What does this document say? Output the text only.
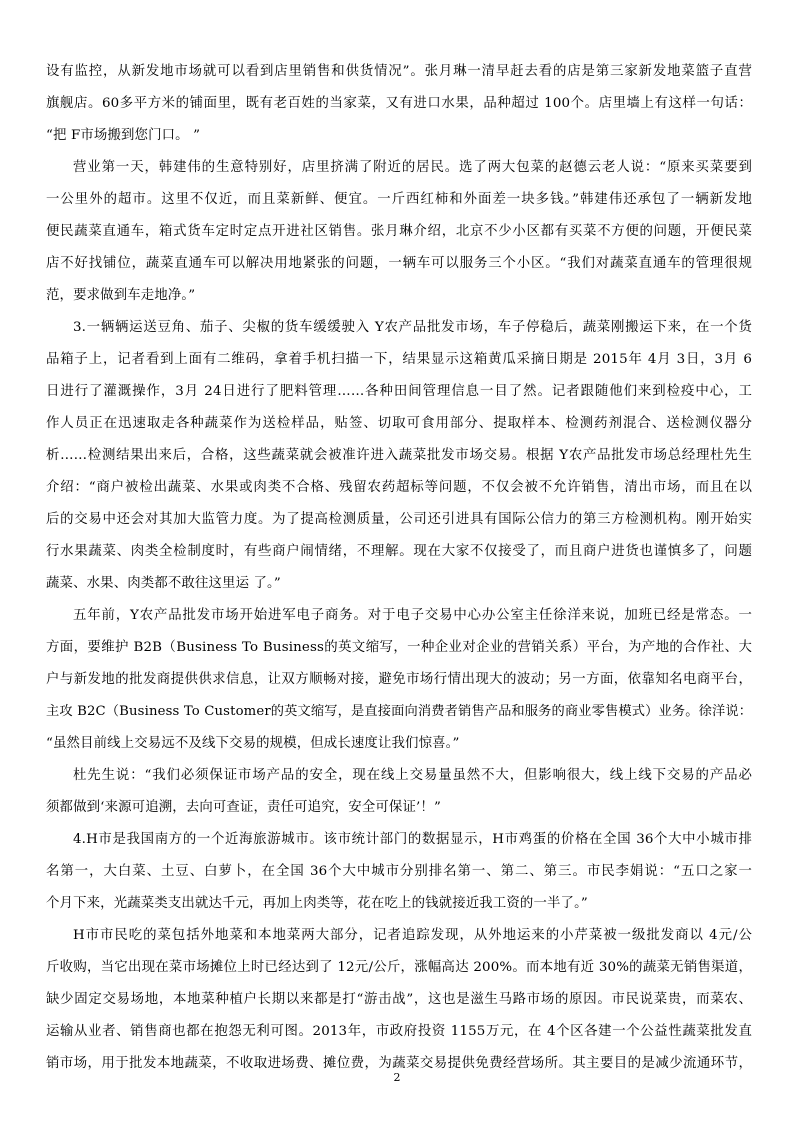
设有监控，从新发地市场就可以看到店里销售和供货情况”。张月琳一清早赶去看的店是第三家新发地菜篮子直营
旗舰店。60多平方米的铺面里，既有老百姓的当家菜，又有进口水果，品种超过 100个。店里墙上有这样一句话：
“把 F市场搬到您门口。 ”
营业第一天，韩建伟的生意特别好，店里挤满了附近的居民。选了两大包菜的赵德云老人说：“原来买菜要到
一公里外的超市。这里不仅近，而且菜新鲜、便宜。一斤西红柿和外面差一块多钱。”韩建伟还承包了一辆新发地
便民蔬菜直通车，箱式货车定时定点开进社区销售。张月琳介绍，北京不少小区都有买菜不方便的问题，开便民菜
店不好找铺位，蔬菜直通车可以解决用地紧张的问题，一辆车可以服务三个小区。“我们对蔬菜直通车的管理很规
范，要求做到车走地净。”
3.一辆辆运送豆角、茄子、尖椒的货车缓缓驶入 Y农产品批发市场，车子停稳后，蔬菜刚搬运下来，在一个货
品箱子上，记者看到上面有二维码，拿着手机扫描一下，结果显示这箱黄瓜采摘日期是 2015年 4月 3日，3月 6
日进行了灌溉操作，3月 24日进行了肥料管理……各种田间管理信息一目了然。记者跟随他们来到检疫中心，工
作人员正在迅速取走各种蔬菜作为送检样品，贴签、切取可食用部分、提取样本、检测药剂混合、送检测仪器分
析……检测结果出来后，合格，这些蔬菜就会被准许进入蔬菜批发市场交易。根据 Y农产品批发市场总经理杜先生
介绍：“商户被检出蔬菜、水果或肉类不合格、残留农药超标等问题，不仅会被不允许销售，清出市场，而且在以
后的交易中还会对其加大监管力度。为了提高检测质量，公司还引进具有国际公信力的第三方检测机构。刚开始实
行水果蔬菜、肉类全检制度时，有些商户闹情绪，不理解。现在大家不仅接受了，而且商户进货也谨慎多了，问题
蔬菜、水果、肉类都不敢往这里运 了。”
五年前，Y农产品批发市场开始进军电子商务。对于电子交易中心办公室主任徐洋来说，加班已经是常态。一
方面，要维护 B2B（Business To Business的英文缩写，一种企业对企业的营销关系）平台，为产地的合作社、大
户与新发地的批发商提供供求信息，让双方顺畅对接，避免市场行情出现大的波动；另一方面，依靠知名电商平台，
主攻 B2C（Business To Customer的英文缩写，是直接面向消费者销售产品和服务的商业零售模式）业务。徐洋说：
“虽然目前线上交易远不及线下交易的规模，但成长速度让我们惊喜。”
杜先生说：“我们必须保证市场产品的安全，现在线上交易量虽然不大，但影响很大，线上线下交易的产品必
须都做到‘来源可追溯，去向可查证，责任可追究，安全可保证’！”
4.H市是我国南方的一个近海旅游城市。该市统计部门的数据显示，H市鸡蛋的价格在全国 36个大中小城市排
名第一，大白菜、土豆、白萝卜，在全国 36个大中城市分别排名第一、第二、第三。市民李娟说：“五口之家一
个月下来，光蔬菜类支出就达千元，再加上肉类等，花在吃上的钱就接近我工资的一半了。”
H市市民吃的菜包括外地菜和本地菜两大部分，记者追踪发现，从外地运来的小芹菜被一级批发商以 4元/公
斤收购，当它出现在菜市场摊位上时已经达到了 12元/公斤，涨幅高达 200%。而本地有近 30%的蔬菜无销售渠道，
缺少固定交易场地，本地菜种植户长期以来都是打“游击战”，这也是滋生马路市场的原因。市民说菜贵，而菜农、
运输从业者、销售商也都在抱怨无利可图。2013年，市政府投资 1155万元，在 4个区各建一个公益性蔬菜批发直
销市场，用于批发本地蔬菜，不收取进场费、摊位费，为蔬菜交易提供免费经营场所。其主要目的是减少流通环节，
2
